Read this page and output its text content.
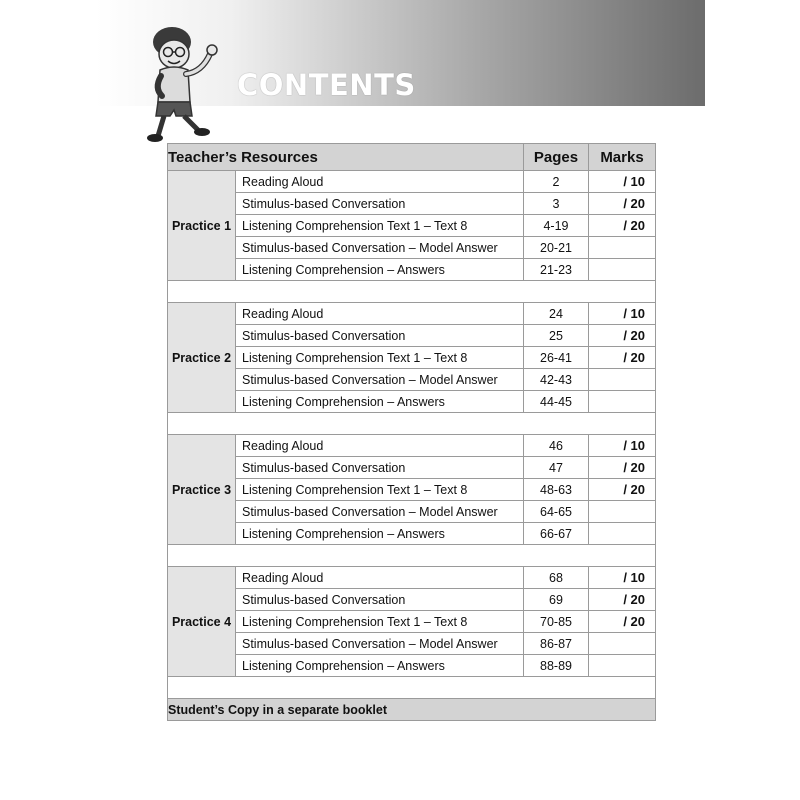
CONTENTS
Teacher’s Resources		Pages	Marks
Practice 1	Reading Aloud	2	/ 10
	Stimulus-based Conversation	3	/ 20
	Listening Comprehension Text 1 – Text 8	4-19	/ 20
	Stimulus-based Conversation – Model Answer	20-21	
	Listening Comprehension – Answers	21-23	

Practice 2	Reading Aloud	24	/ 10
	Stimulus-based Conversation	25	/ 20
	Listening Comprehension Text 1 – Text 8	26-41	/ 20
	Stimulus-based Conversation – Model Answer	42-43	
	Listening Comprehension – Answers	44-45	

Practice 3	Reading Aloud	46	/ 10
	Stimulus-based Conversation	47	/ 20
	Listening Comprehension Text 1 – Text 8	48-63	/ 20
	Stimulus-based Conversation – Model Answer	64-65	
	Listening Comprehension – Answers	66-67	

Practice 4	Reading Aloud	68	/ 10
	Stimulus-based Conversation	69	/ 20
	Listening Comprehension Text 1 – Text 8	70-85	/ 20
	Stimulus-based Conversation – Model Answer	86-87	
	Listening Comprehension – Answers	88-89	

Student’s Copy in a separate booklet			
